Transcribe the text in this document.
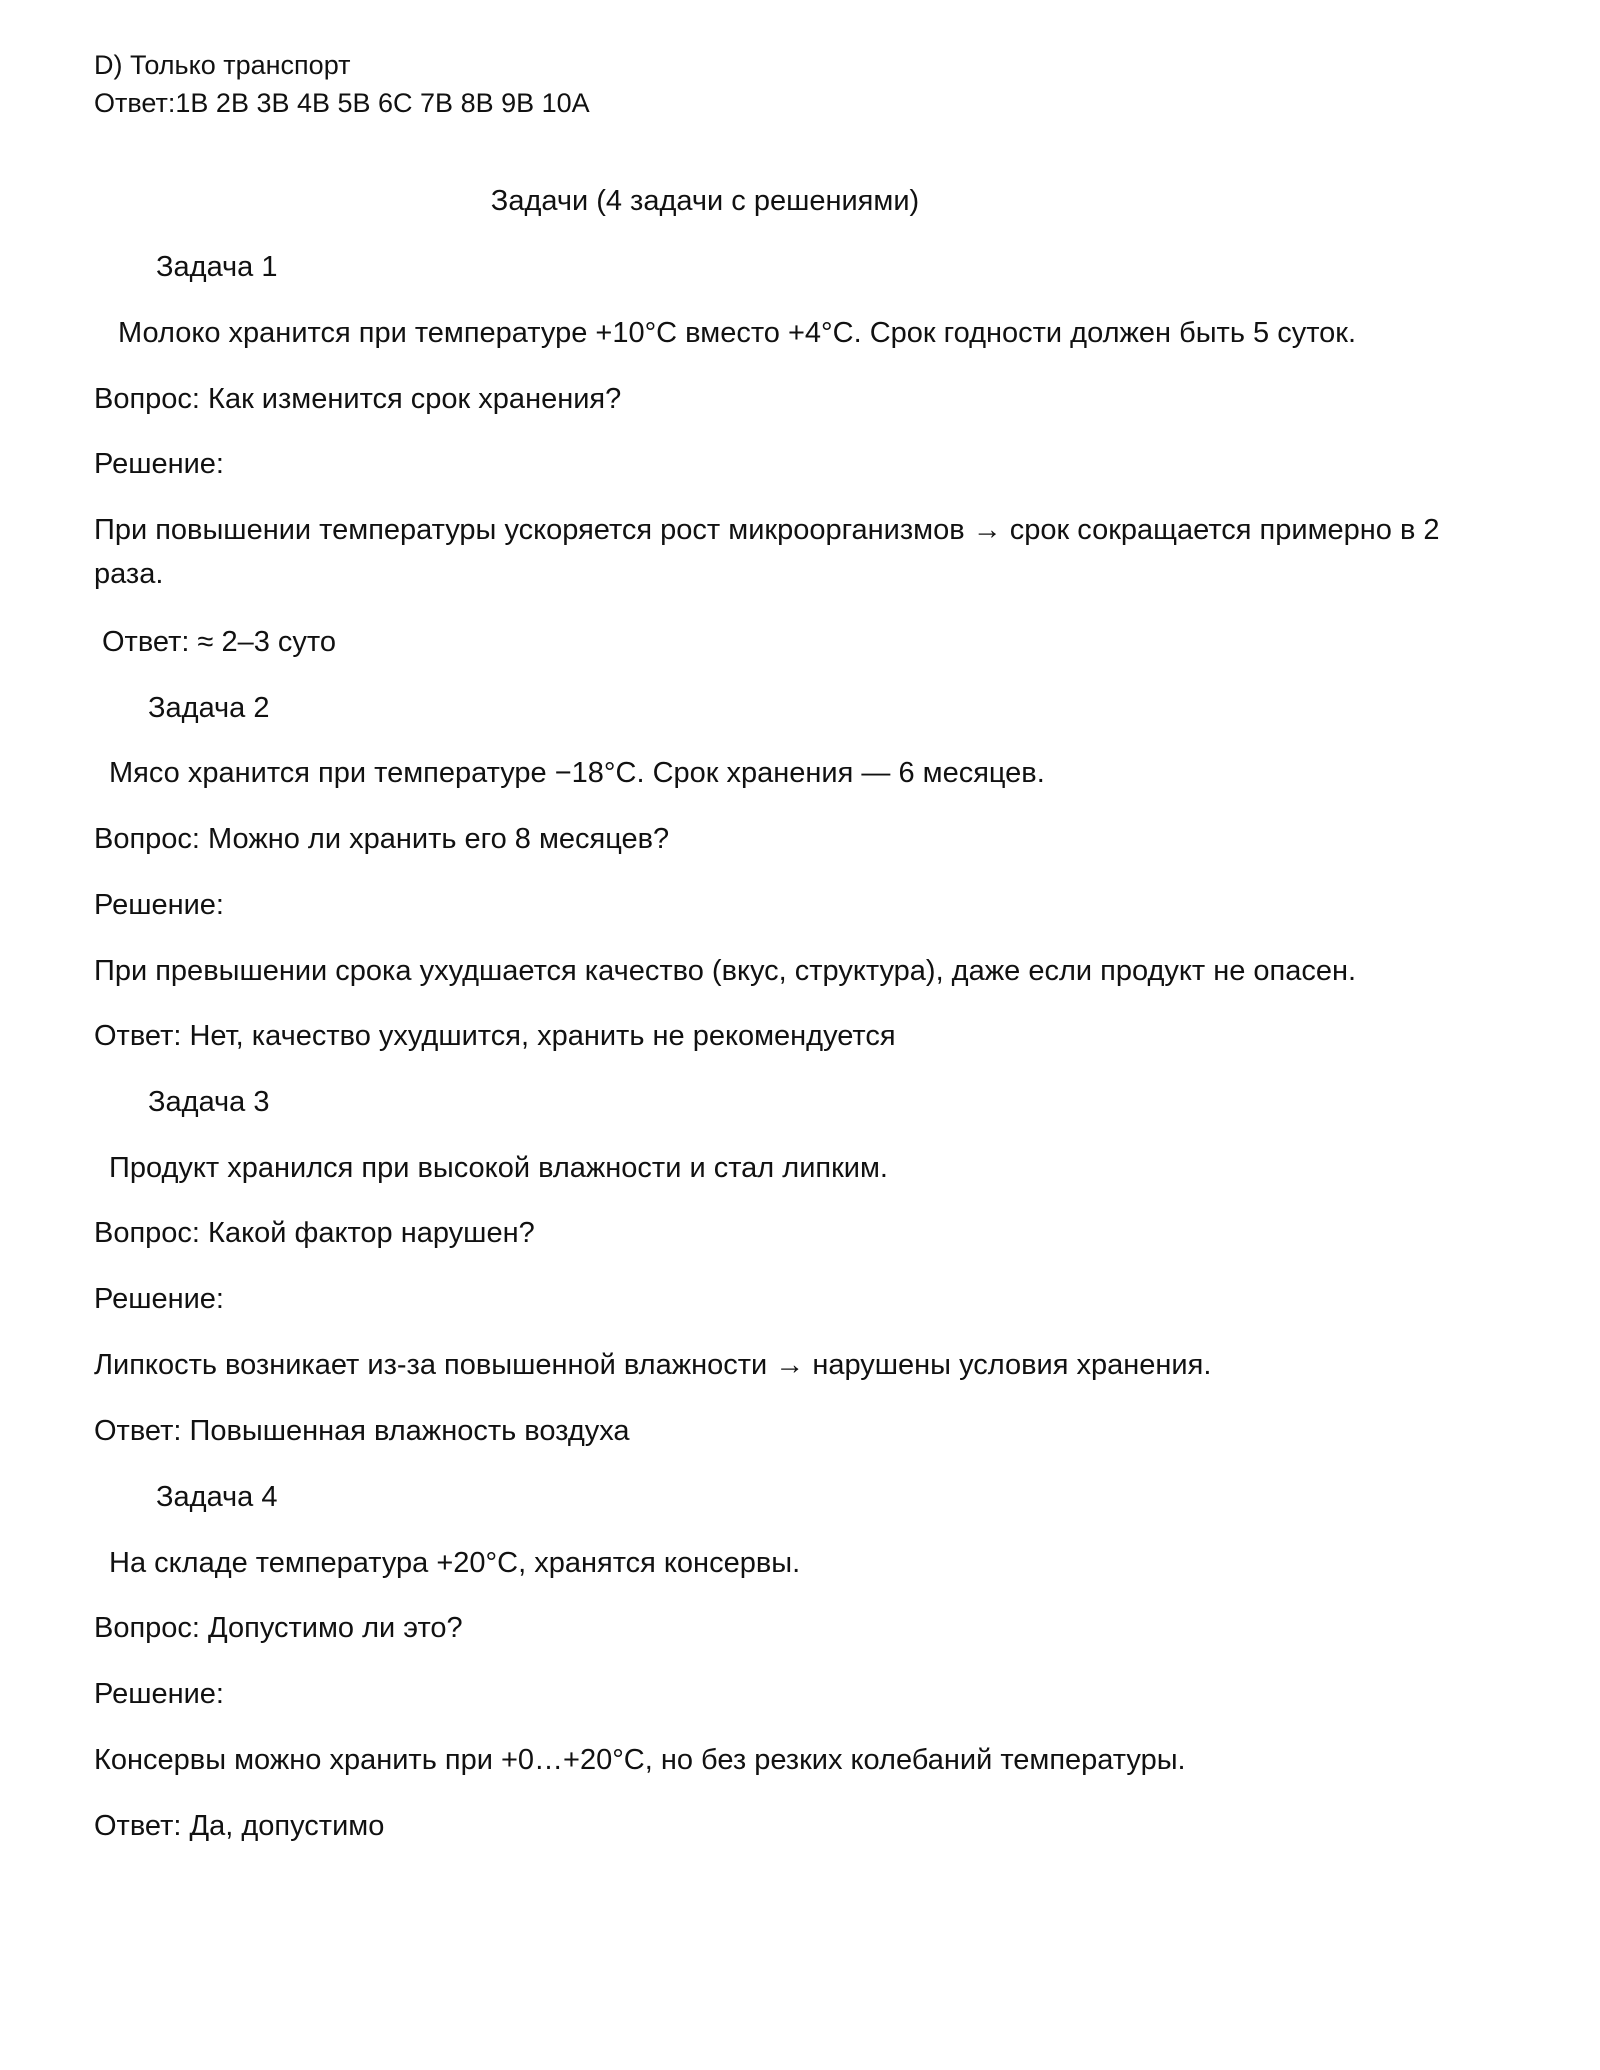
D) Только транспорт
Ответ:1B 2B 3B 4B 5B 6C 7B 8B 9B 10A
Задачи (4 задачи с решениями)
Задача 1
Молоко хранится при температуре +10°С вместо +4°С. Срок годности должен быть 5 суток.
Вопрос: Как изменится срок хранения?
Решение:
При повышении температуры ускоряется рост микроорганизмов → срок сокращается примерно в 2 раза.
Ответ: ≈ 2–3 суто
Задача 2
Мясо хранится при температуре −18°С. Срок хранения — 6 месяцев.
Вопрос: Можно ли хранить его 8 месяцев?
Решение:
При превышении срока ухудшается качество (вкус, структура), даже если продукт не опасен.
Ответ: Нет, качество ухудшится, хранить не рекомендуется
Задача 3
Продукт хранился при высокой влажности и стал липким.
Вопрос: Какой фактор нарушен?
Решение:
Липкость возникает из-за повышенной влажности → нарушены условия хранения.
Ответ: Повышенная влажность воздуха
Задача 4
На складе температура +20°С, хранятся консервы.
Вопрос: Допустимо ли это?
Решение:
Консервы можно хранить при +0…+20°С, но без резких колебаний температуры.
Ответ: Да, допустимо
